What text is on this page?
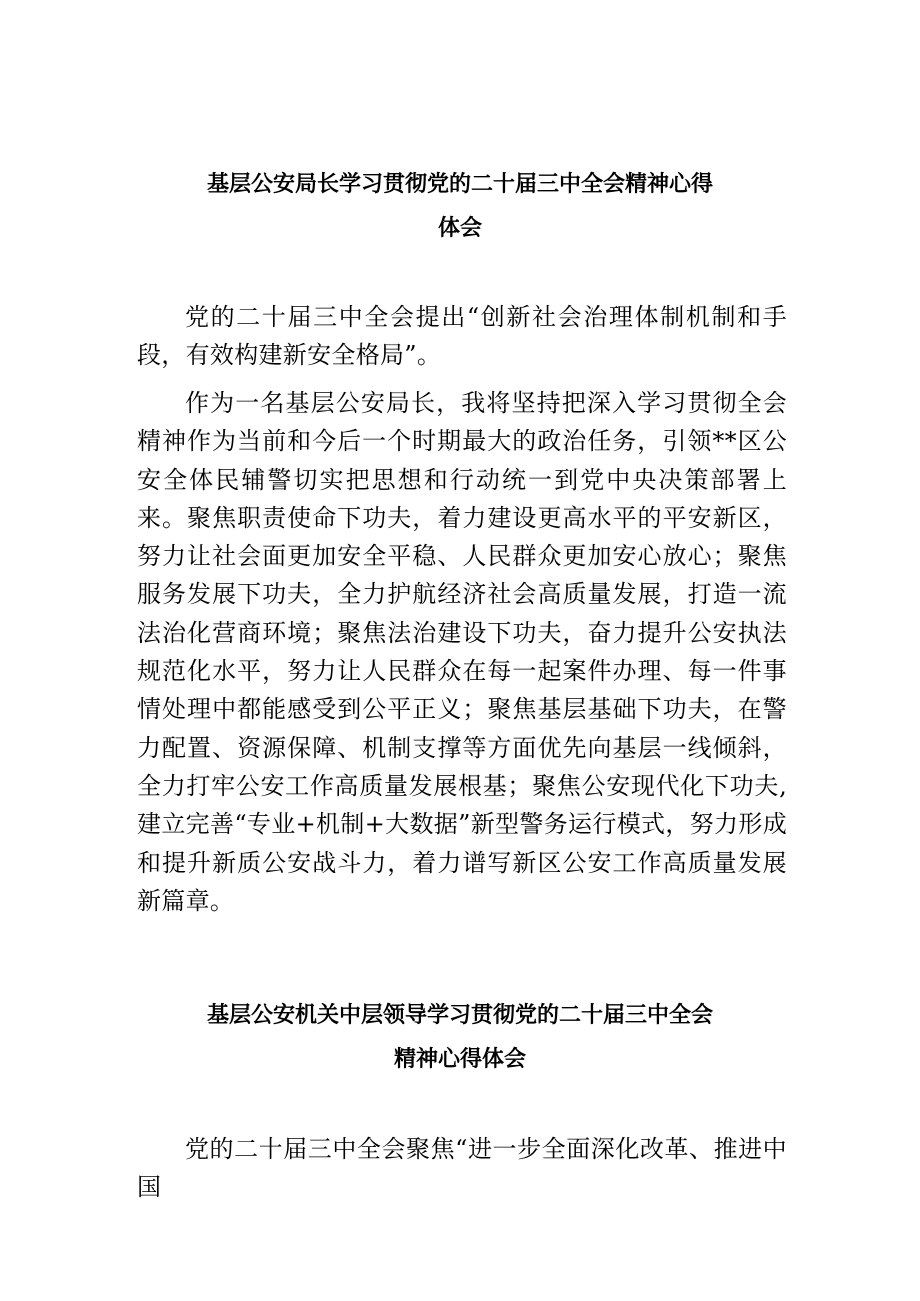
基层公安局长学习贯彻党的二十届三中全会精神心得
体会

党的二十届三中全会提出“创新社会治理体制机制和手段，有效构建新安全格局”。

作为一名基层公安局长，我将坚持把深入学习贯彻全会精神作为当前和今后一个时期最大的政治任务，引领**区公安全体民辅警切实把思想和行动统一到党中央决策部署上来。聚焦职责使命下功夫，着力建设更高水平的平安新区，努力让社会面更加安全平稳、人民群众更加安心放心；聚焦服务发展下功夫，全力护航经济社会高质量发展，打造一流法治化营商环境；聚焦法治建设下功夫，奋力提升公安执法规范化水平，努力让人民群众在每一起案件办理、每一件事情处理中都能感受到公平正义；聚焦基层基础下功夫，在警力配置、资源保障、机制支撑等方面优先向基层一线倾斜，全力打牢公安工作高质量发展根基；聚焦公安现代化下功夫,建立完善“专业+机制+大数据”新型警务运行模式，努力形成和提升新质公安战斗力，着力谱写新区公安工作高质量发展新篇章。

基层公安机关中层领导学习贯彻党的二十届三中全会
精神心得体会

党的二十届三中全会聚焦“进一步全面深化改革、推进中国
